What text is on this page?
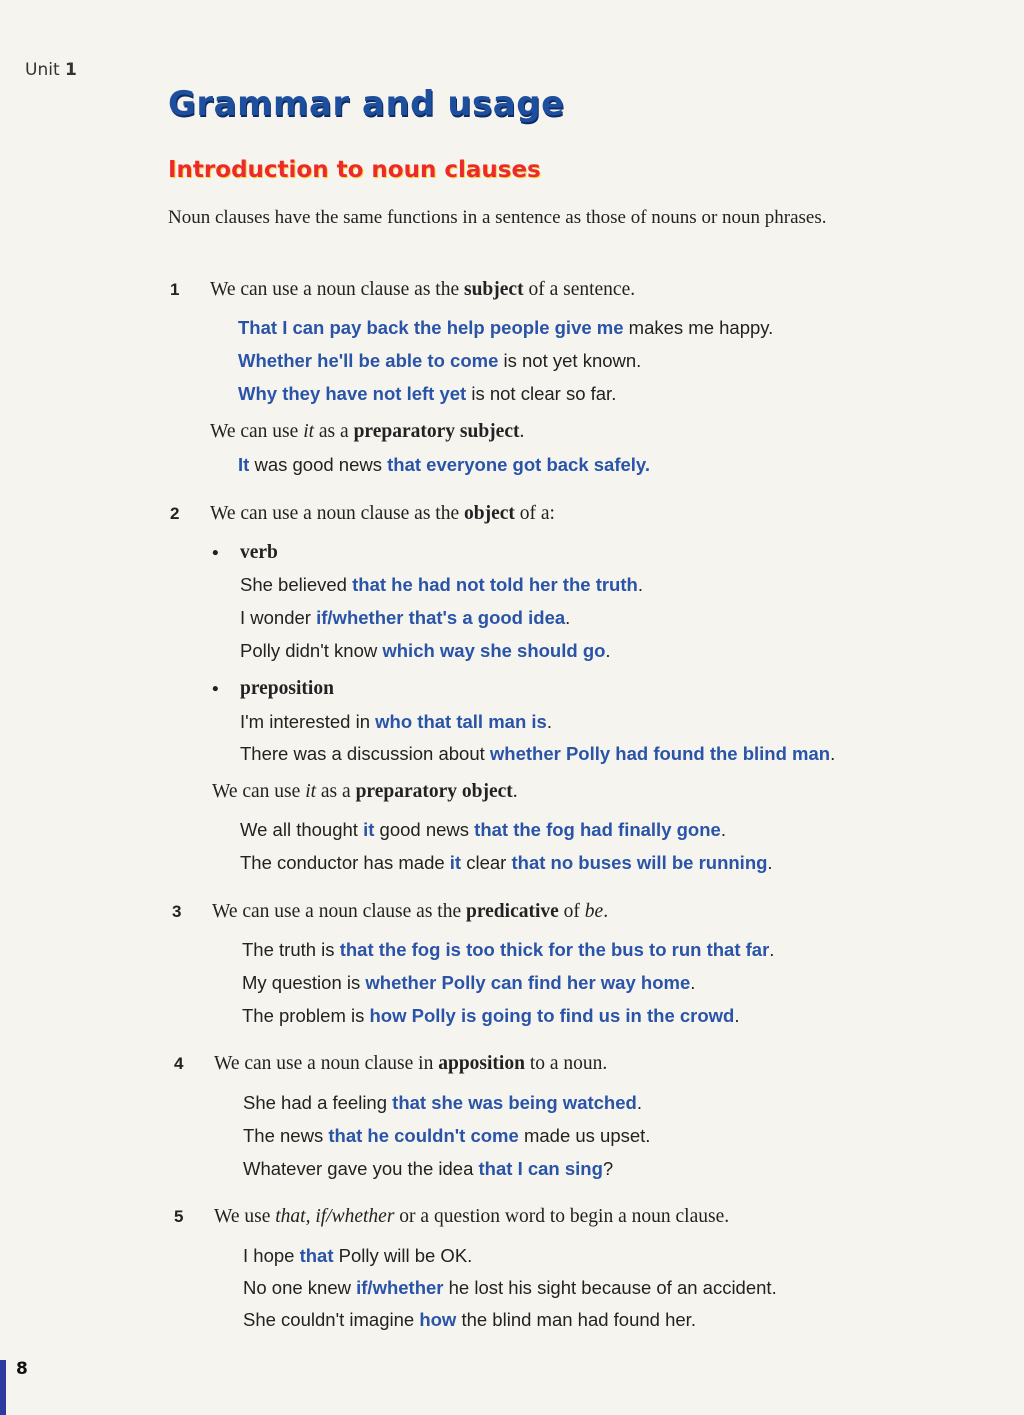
Unit 1
Grammar and usage
Introduction to noun clauses
Noun clauses have the same functions in a sentence as those of nouns or noun phrases.
1 We can use a noun clause as the subject of a sentence.
That I can pay back the help people give me makes me happy.
Whether he'll be able to come is not yet known.
Why they have not left yet is not clear so far.
We can use it as a preparatory subject.
It was good news that everyone got back safely.
2 We can use a noun clause as the object of a:
• verb
She believed that he had not told her the truth.
I wonder if/whether that's a good idea.
Polly didn't know which way she should go.
• preposition
I'm interested in who that tall man is.
There was a discussion about whether Polly had found the blind man.
We can use it as a preparatory object.
We all thought it good news that the fog had finally gone.
The conductor has made it clear that no buses will be running.
3 We can use a noun clause as the predicative of be.
The truth is that the fog is too thick for the bus to run that far.
My question is whether Polly can find her way home.
The problem is how Polly is going to find us in the crowd.
4 We can use a noun clause in apposition to a noun.
She had a feeling that she was being watched.
The news that he couldn't come made us upset.
Whatever gave you the idea that I can sing?
5 We use that, if/whether or a question word to begin a noun clause.
I hope that Polly will be OK.
No one knew if/whether he lost his sight because of an accident.
She couldn't imagine how the blind man had found her.
8
